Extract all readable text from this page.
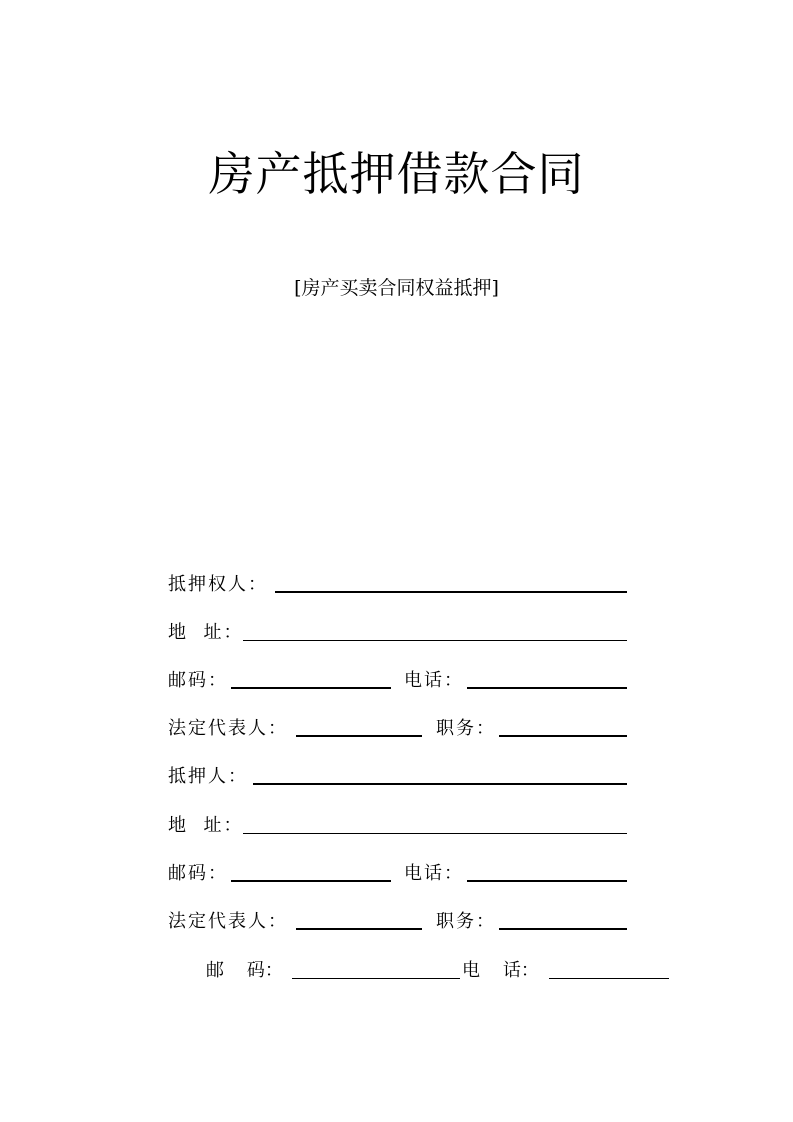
房产抵押借款合同
[房产买卖合同权益抵押]
抵押权人：
地  址：
邮码：	电话：
法定代表人：	职务：
抵押人：
地  址：
邮码：	电话：
法定代表人：	职务：
邮    码：	电    话：
